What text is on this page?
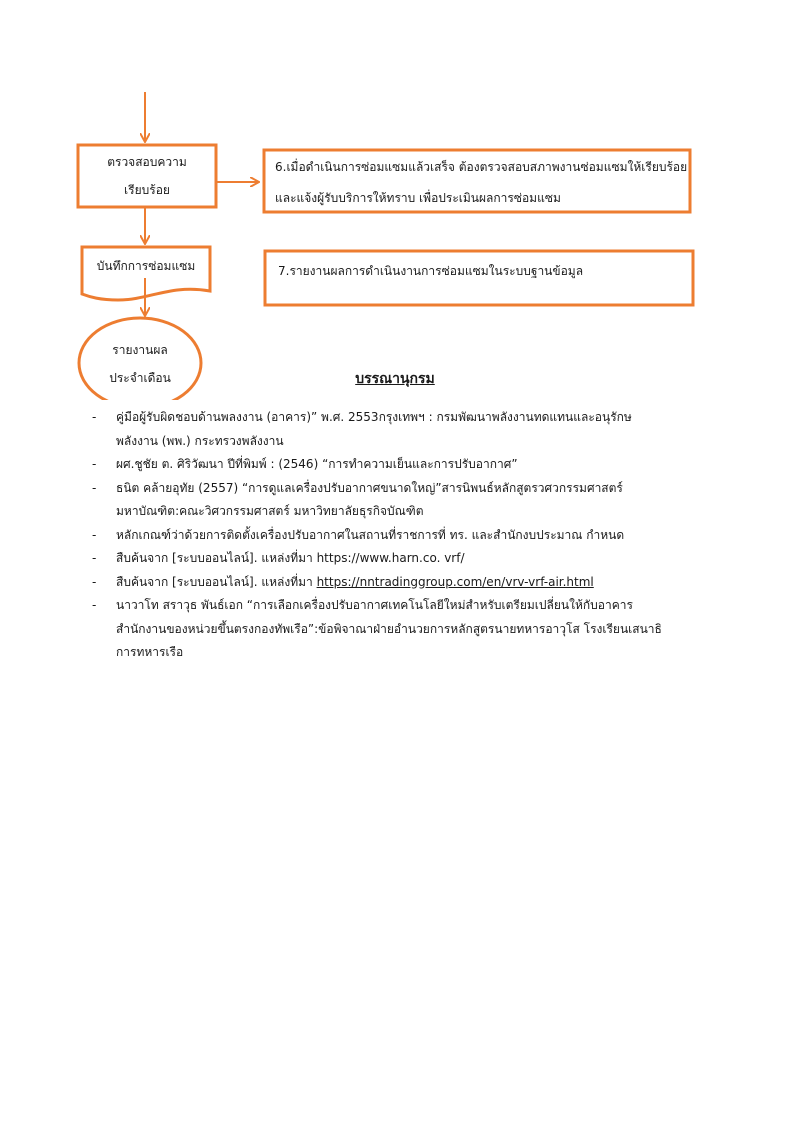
ตรวจสอบความ
เรียบร้อย
6.เมื่อดำเนินการซ่อมแซมแล้วเสร็จ ต้องตรวจสอบสภาพงานซ่อมแซมให้เรียบร้อย
และแจ้งผู้รับบริการให้ทราบ เพื่อประเมินผลการซ่อมแซม
บันทึกการซ่อมแซม	7.รายงานผลการดำเนินงานการซ่อมแซมในระบบฐานข้อมูล
รายงานผล
ประจำเดือน	บรรณานุกรม
- คู่มือผู้รับผิดชอบด้านพลงงาน (อาคาร)” พ.ศ. 2553กรุงเทพฯ : กรมพัฒนาพลังงานทดแทนและอนุรักษ
พลังงาน (พพ.) กระทรวงพลังงาน
- ผศ.ชูชัย ต. ศิริวัฒนา ปีที่พิมพ์ : (2546) “การทำความเย็นและการปรับอากาศ”
- ธนิต คล้ายอุทัย (2557) “การดูแลเครื่องปรับอากาศขนาดใหญ่”สารนิพนธ์หลักสูตรวศวกรรมศาสตร์
มหาบัณฑิต:คณะวิศวกรรมศาสตร์ มหาวิทยาลัยธุรกิจบัณฑิต
- หลักเกณฑ์ว่าด้วยการติดตั้งเครื่องปรับอากาศในสถานที่ราชการที่ ทร. และสำนักงบประมาณ กำหนด
- สืบค้นจาก [ระบบออนไลน์]. แหล่งที่มา https://www.harn.co. vrf/
- สืบค้นจาก [ระบบออนไลน์]. แหล่งที่มา https://nntradinggroup.com/en/vrv-vrf-air.html
- นาวาโท สราวุธ พันธ์เอก “การเลือกเครื่องปรับอากาศเทคโนโลยีใหม่สำหรับเตรียมเปลี่ยนให้กับอาคาร
สำนักงานของหน่วยขึ้นตรงกองทัพเรือ”:ข้อพิจาณาฝ่ายอำนวยการหลักสูตรนายทหารอาวุโส โรงเรียนเสนาธิ
การทหารเรือ
